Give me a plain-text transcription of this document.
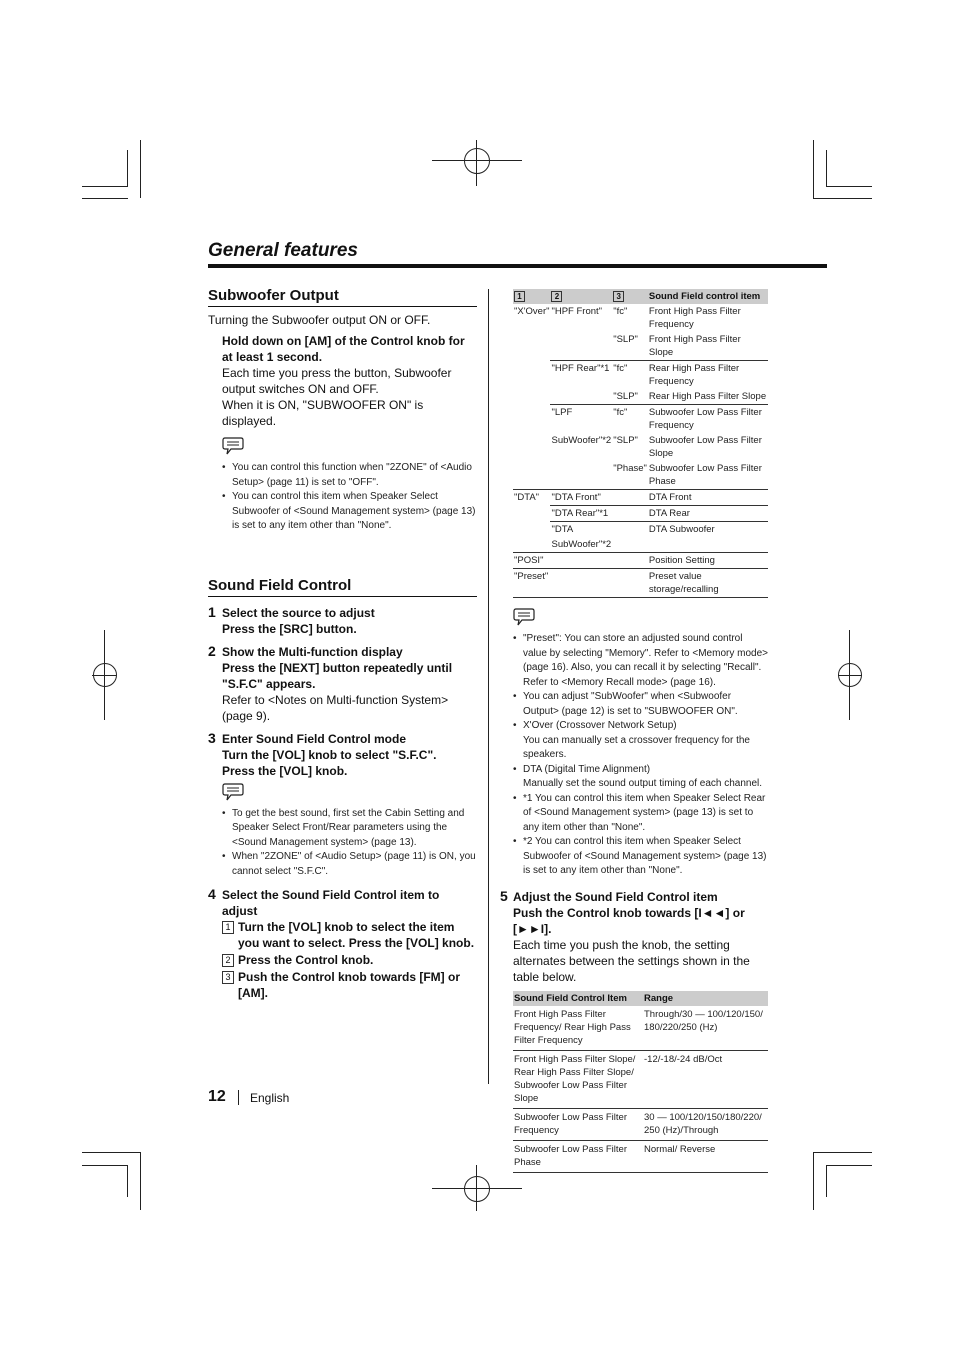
General features
Subwoofer Output

Turning the Subwoofer output ON or OFF.

Hold down on [AM] of the Control knob for at least 1 second.

Each time you press the button, Subwoofer output switches ON and OFF.

When it is ON, "SUBWOOFER ON" is displayed.

• You can control this function when "2ZONE" of <Audio Setup> (page 11) is set to "OFF".
• You can control this item when Speaker Select Subwoofer of <Sound Management system> (page 13) is set to any item other than "None".
Sound Field Control
1 Select the source to adjust

Press the [SRC] button.

2 Show the Multi-function display

Press the [NEXT] button repeatedly until "S.F.C" appears.

Refer to <Notes on Multi-function System> (page 9).

3 Enter Sound Field Control mode

Turn the [VOL] knob to select "S.F.C".

Press the [VOL] knob.

• To get the best sound, first set the Cabin Setting and Speaker Select Front/Rear parameters using the <Sound Management system> (page 13).
• When "2ZONE" of <Audio Setup> (page 11) is ON, you cannot select "S.F.C".
4 Select the Sound Field Control item to adjust

1 Turn the [VOL] knob to select the item you want to select. Press the [VOL] knob.

2 Press the Control knob.

3 Push the Control knob towards [FM] or [AM].

1	2	3	Sound Field control item
"X'Over"	"HPF Front"	"fc"	Front High Pass Filter Frequency
		"SLP"	Front High Pass Filter Slope
	"HPF Rear"*1	"fc"	Rear High Pass Filter Frequency
		"SLP"	Rear High Pass Filter Slope
	"LPF	"fc"	Subwoofer Low Pass Filter Frequency
	SubWoofer"*2	"SLP"	Subwoofer Low Pass Filter Slope
		"Phase"	Subwoofer Low Pass Filter Phase
"DTA"	"DTA Front"		DTA Front
	"DTA Rear"*1		DTA Rear
	"DTA		DTA Subwoofer
	SubWoofer"*2		
"POSI"			Position Setting
"Preset"			Preset value storage/recalling
• "Preset": You can store an adjusted sound control value by selecting "Memory". Refer to <Memory mode> (page 16). Also, you can recall it by selecting "Recall". Refer to <Memory Recall mode> (page 16).
• You can adjust "SubWoofer" when <Subwoofer Output> (page 12) is set to "SUBWOOFER ON".
• X'Over (Crossover Network Setup)
You can manually set a crossover frequency for the speakers.
• DTA (Digital Time Alignment)
Manually set the sound output timing of each channel.
• *1 You can control this item when Speaker Select Rear of <Sound Management system> (page 13) is set to any item other than "None".
• *2 You can control this item when Speaker Select Subwoofer of <Sound Management system> (page 13) is set to any item other than "None".
5 Adjust the Sound Field Control item

Push the Control knob towards [I◄◄] or [►►I].

Each time you push the knob, the setting alternates between the settings shown in the table below.

Sound Field Control Item	Range
Front High Pass Filter Frequency/ Rear High Pass Filter Frequency	Through/30 — 100/120/150/ 180/220/250 (Hz)
Front High Pass Filter Slope/ Rear High Pass Filter Slope/ Subwoofer Low Pass Filter Slope	-12/-18/-24 dB/Oct
Subwoofer Low Pass Filter Frequency	30 — 100/120/150/180/220/ 250 (Hz)/Through
Subwoofer Low Pass Filter Phase	Normal/ Reverse
12 English
